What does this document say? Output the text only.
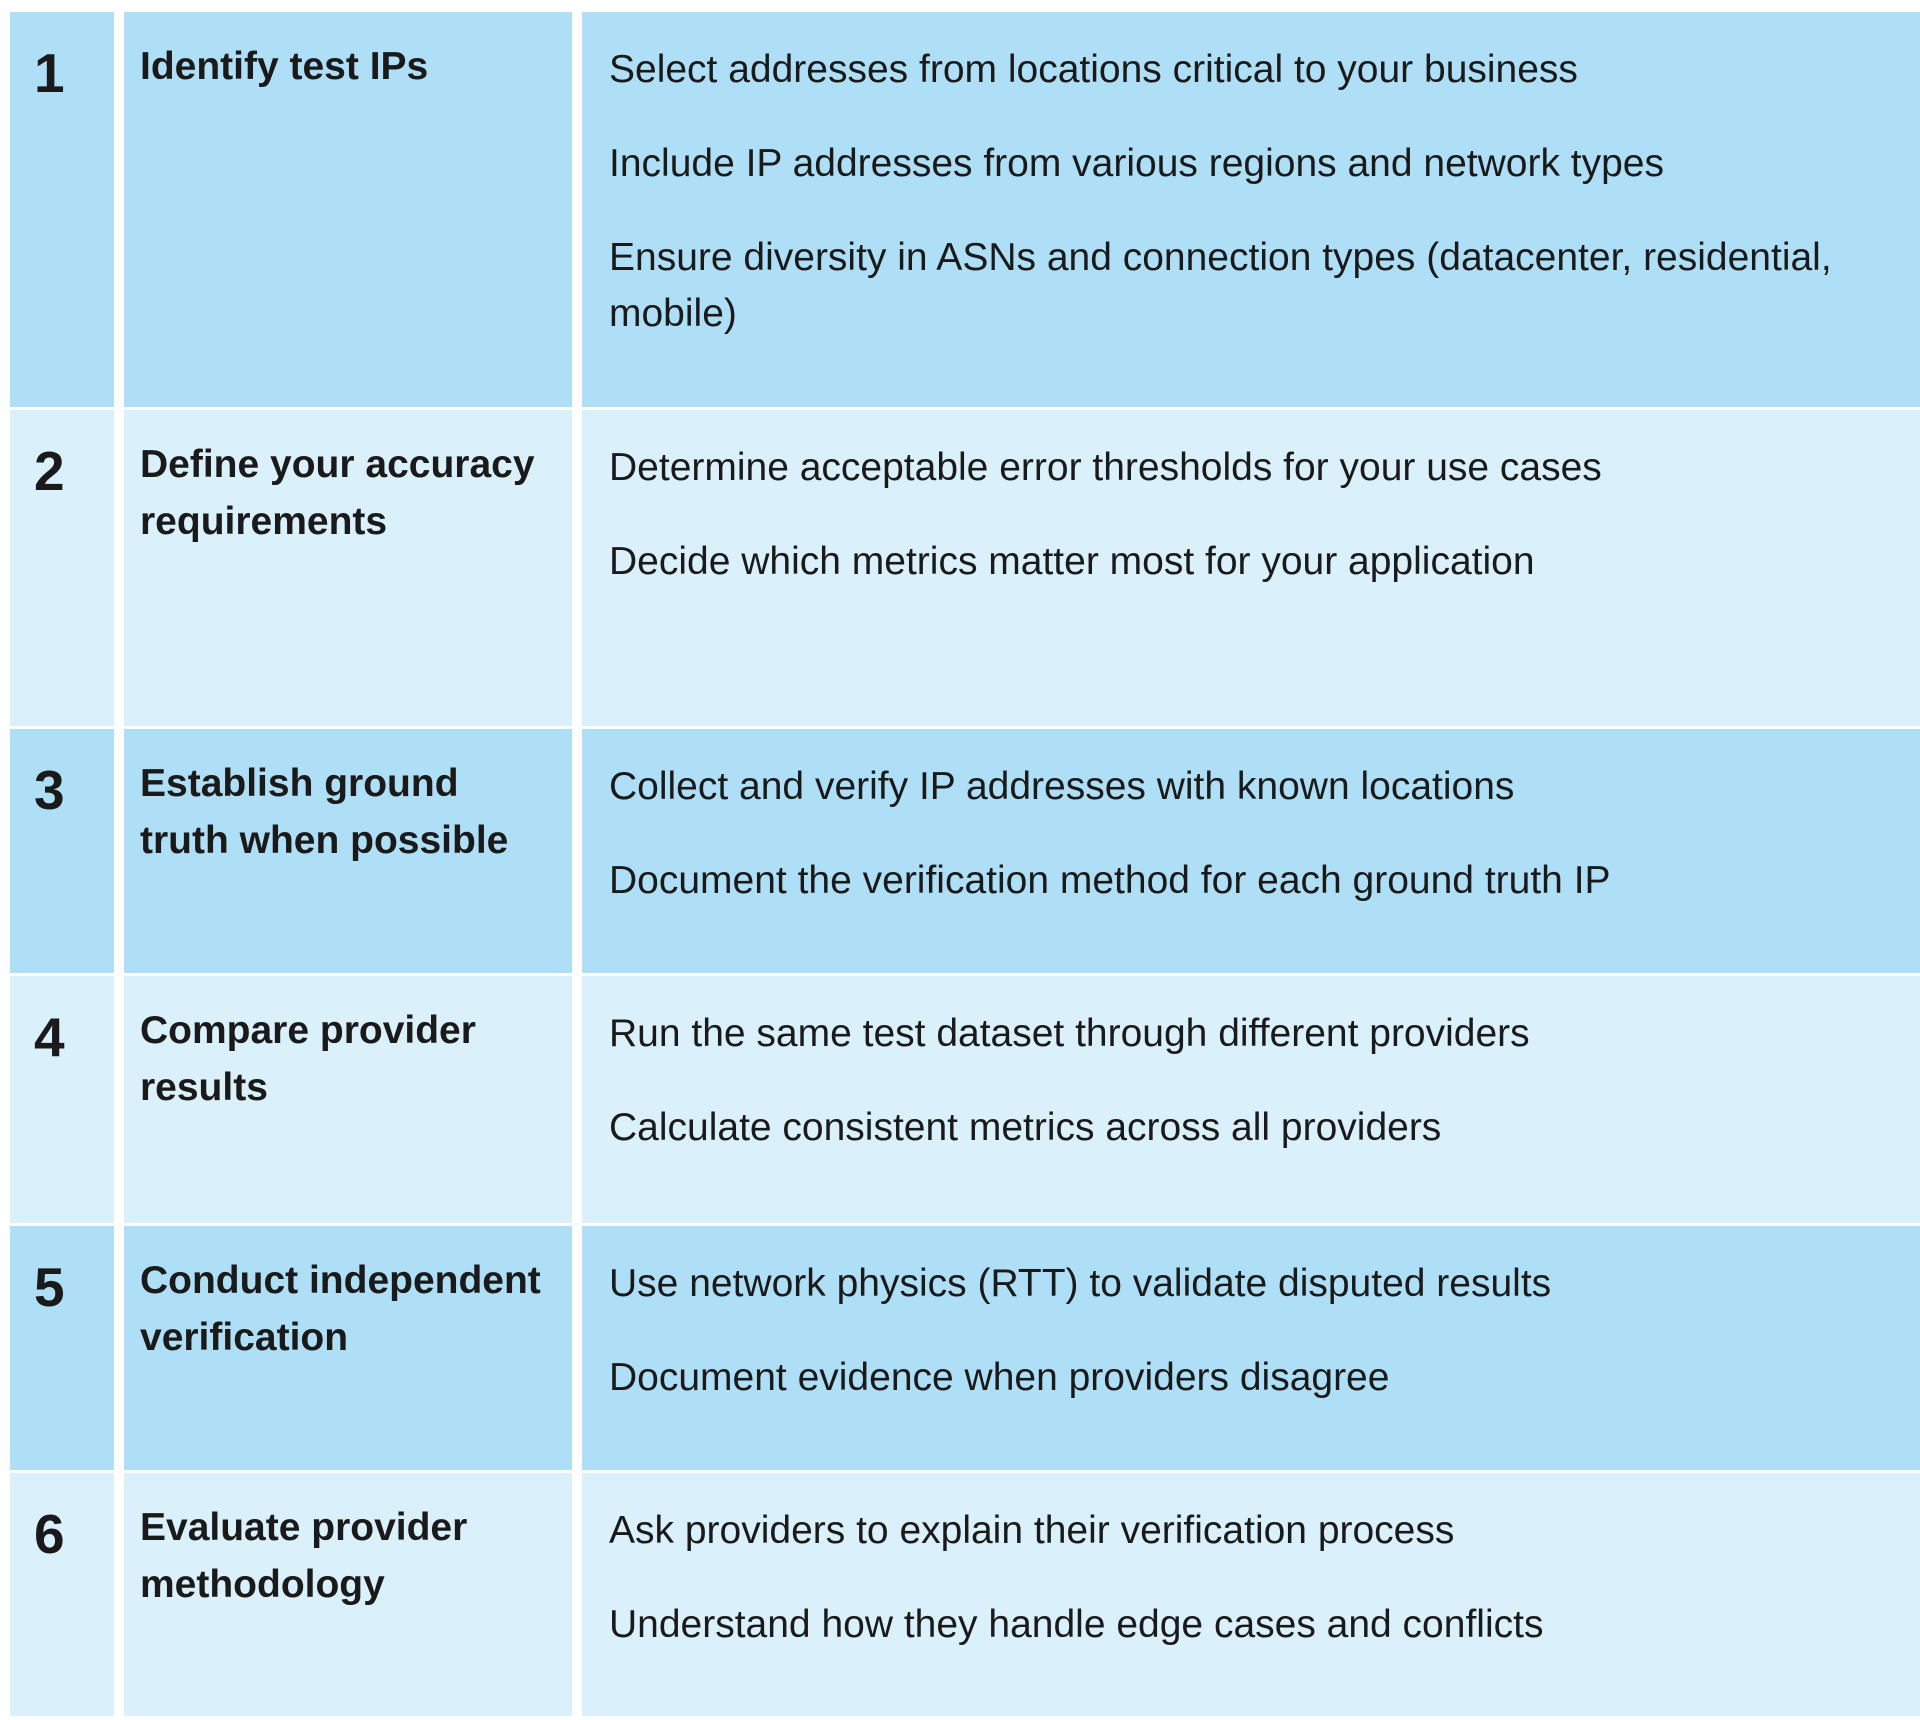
1	Identify test IPs	Select addresses from locations critical to your business
Include IP addresses from various regions and network types
Ensure diversity in ASNs and connection types (datacenter, residential, mobile)
2	Define your accuracy requirements
Determine acceptable error thresholds for your use cases
Decide which metrics matter most for your application
3	Establish ground truth when possible
Collect and verify IP addresses with known locations
Document the verification method for each ground truth IP
4	Compare provider results
Run the same test dataset through different providers
Calculate consistent metrics across all providers
5	Conduct independent verification
Use network physics (RTT) to validate disputed results
Document evidence when providers disagree
6	Evaluate provider methodology
Ask providers to explain their verification process
Understand how they handle edge cases and conflicts
